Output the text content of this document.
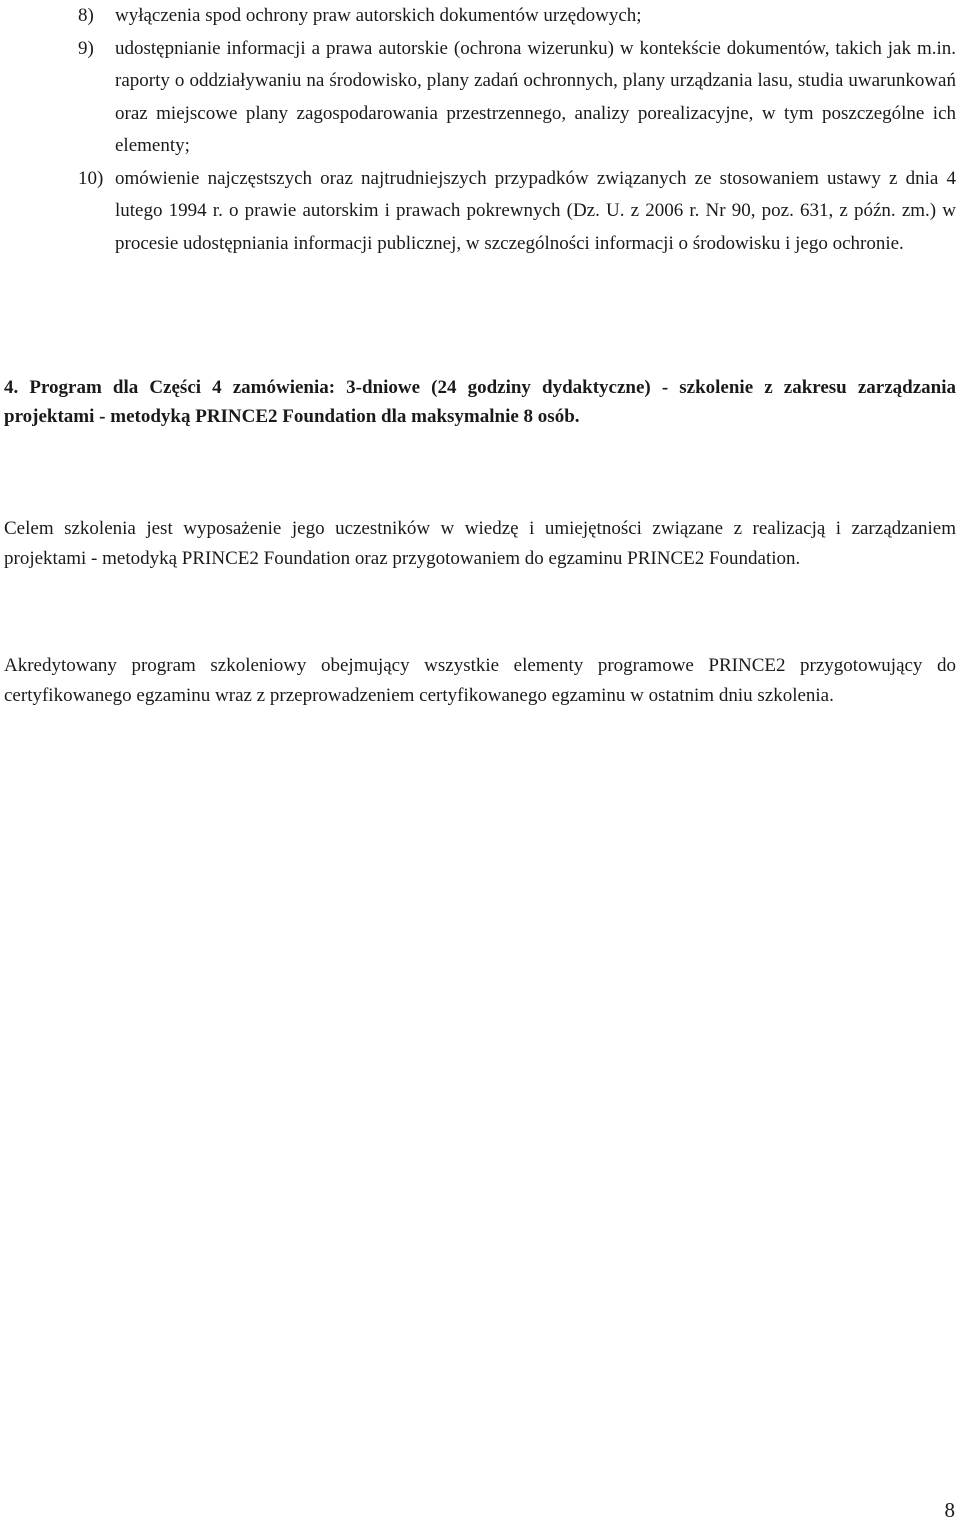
8)	wyłączenia spod ochrony praw autorskich dokumentów urzędowych;
9)	udostępnianie informacji a prawa autorskie (ochrona wizerunku) w kontekście dokumentów, takich jak m.in. raporty o oddziaływaniu na środowisko, plany zadań ochronnych, plany urządzania lasu, studia uwarunkowań oraz miejscowe plany zagospodarowania przestrzennego, analizy porealizacyjne, w tym poszczególne ich elementy;
10) omówienie najczęstszych oraz najtrudniejszych przypadków związanych ze stosowaniem ustawy z dnia 4 lutego 1994 r. o prawie autorskim i prawach pokrewnych (Dz. U. z 2006 r. Nr 90, poz. 631, z późn. zm.) w procesie udostępniania informacji publicznej, w szczególności informacji o środowisku i jego ochronie.
4. Program dla Części 4 zamówienia: 3-dniowe (24 godziny dydaktyczne) - szkolenie z zakresu zarządzania projektami - metodyką PRINCE2 Foundation dla maksymalnie 8 osób.
Celem szkolenia jest wyposażenie jego uczestników w wiedzę i umiejętności związane z realizacją i zarządzaniem projektami - metodyką PRINCE2 Foundation oraz przygotowaniem do egzaminu PRINCE2 Foundation.
Akredytowany program szkoleniowy obejmujący wszystkie elementy programowe PRINCE2 przygotowujący do certyfikowanego egzaminu wraz z przeprowadzeniem certyfikowanego egzaminu w ostatnim dniu szkolenia.
8
